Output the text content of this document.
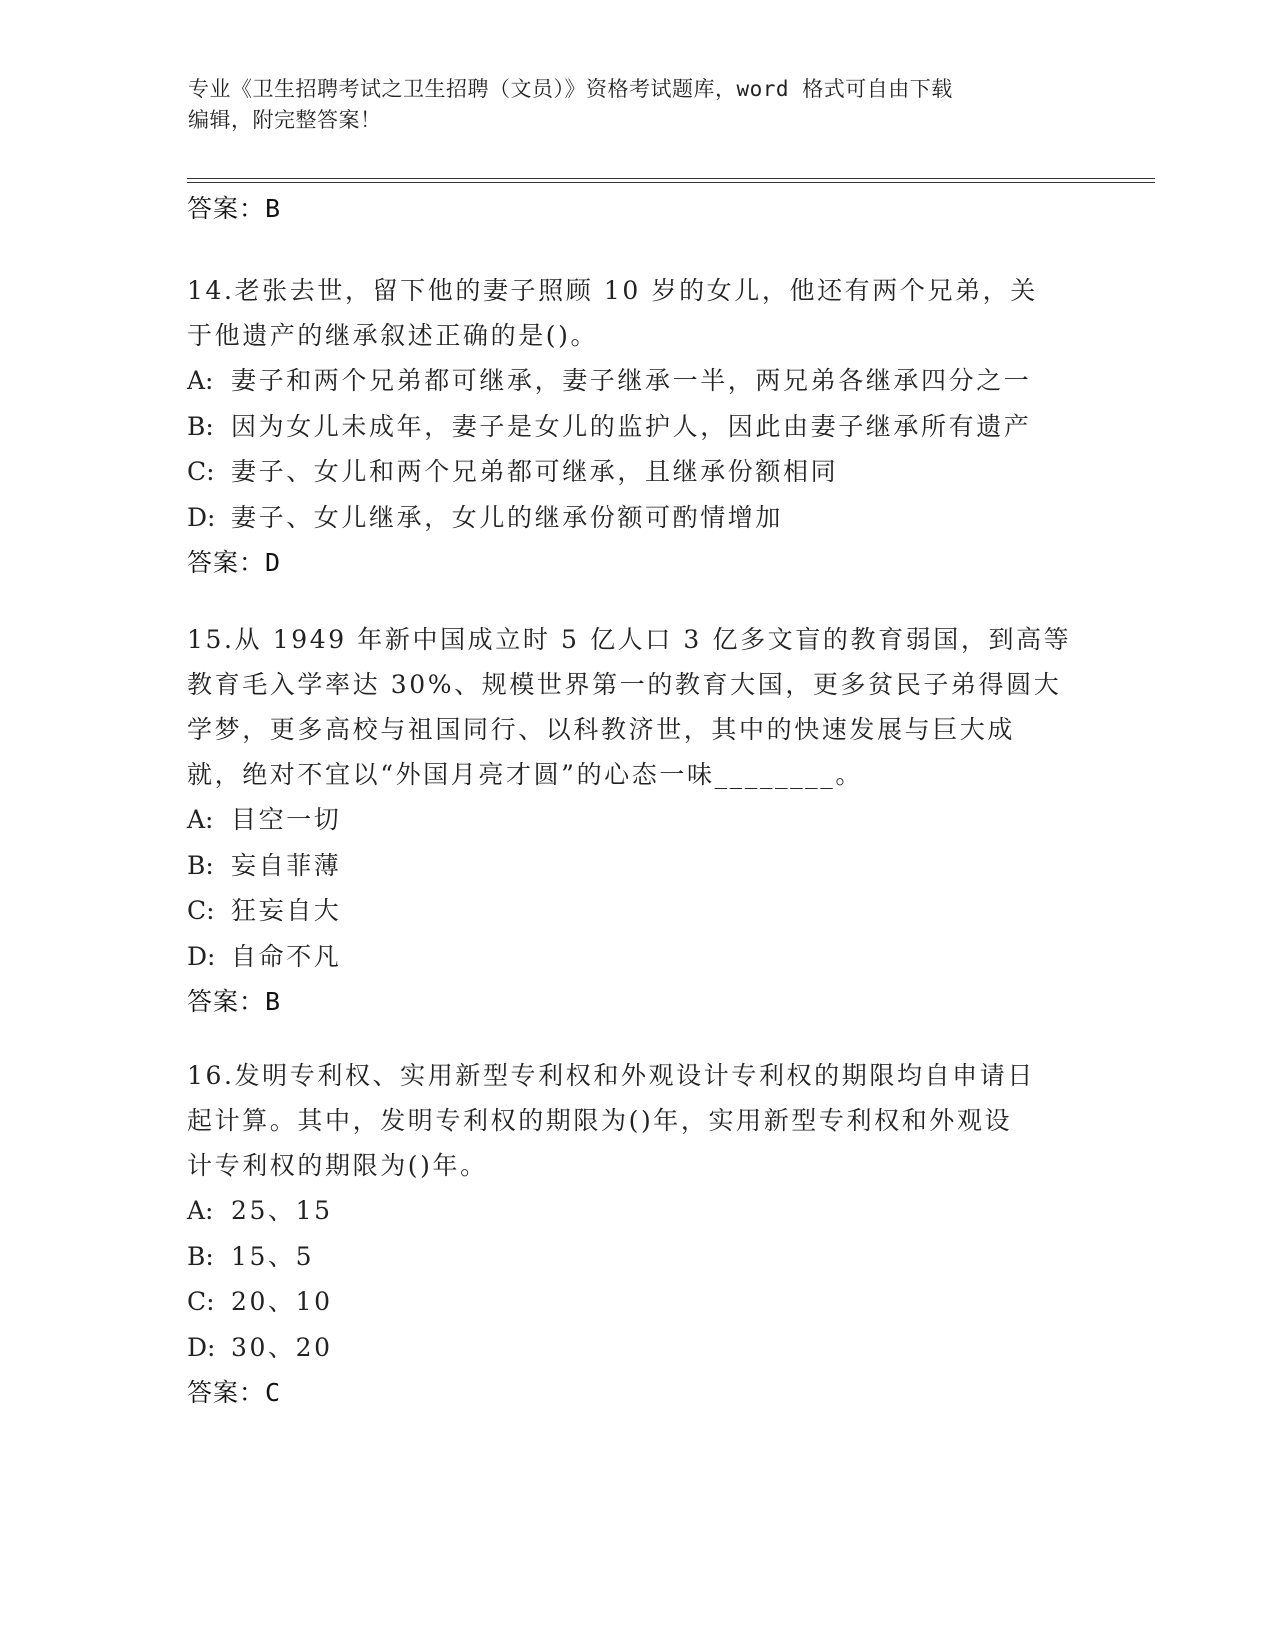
专业《卫生招聘考试之卫生招聘（文员）》资格考试题库，word 格式可自由下载
编辑，附完整答案！
答案：B

14.老张去世，留下他的妻子照顾 10 岁的女儿，他还有两个兄弟，关
于他遗产的继承叙述正确的是()。

A: 妻子和两个兄弟都可继承，妻子继承一半，两兄弟各继承四分之一
B: 因为女儿未成年，妻子是女儿的监护人，因此由妻子继承所有遗产
C: 妻子、女儿和两个兄弟都可继承，且继承份额相同
D: 妻子、女儿继承，女儿的继承份额可酌情增加
答案：D

15.从 1949 年新中国成立时 5 亿人口 3 亿多文盲的教育弱国，到高等
教育毛入学率达 30%、规模世界第一的教育大国，更多贫民子弟得圆大
学梦，更多高校与祖国同行、以科教济世，其中的快速发展与巨大成
就，绝对不宜以“外国月亮才圆”的心态一味________。

A: 目空一切
B: 妄自菲薄
C: 狂妄自大
D: 自命不凡
答案：B

16.发明专利权、实用新型专利权和外观设计专利权的期限均自申请日
起计算。其中，发明专利权的期限为()年，实用新型专利权和外观设
计专利权的期限为()年。

A: 25、15
B: 15、5
C: 20、10
D: 30、20
答案：C
